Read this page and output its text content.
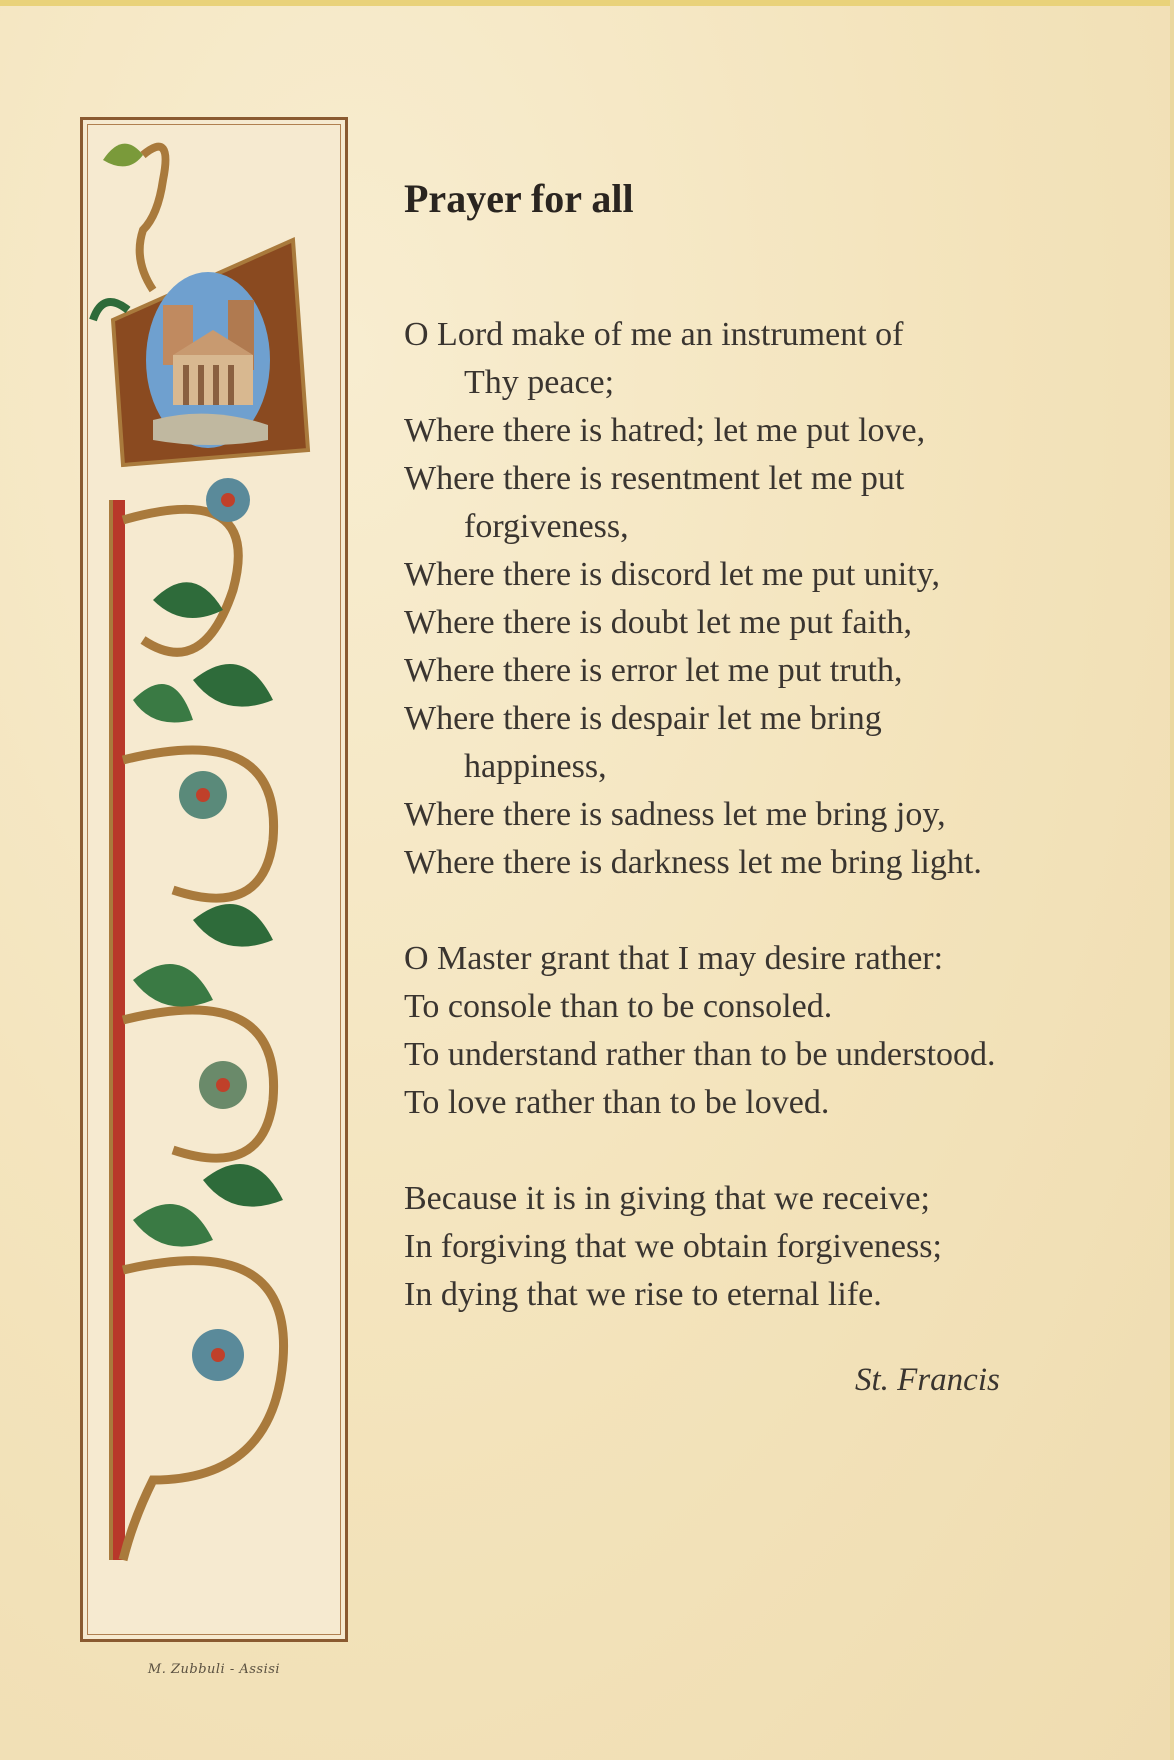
M. Zubbuli - Assisi
Prayer for all
O Lord make of me an instrument of
Thy peace;
Where there is hatred; let me put love,
Where there is resentment let me put
forgiveness,
Where there is discord let me put unity,
Where there is doubt let me put faith,
Where there is error let me put truth,
Where there is despair let me bring
happiness,
Where there is sadness let me bring joy,
Where there is darkness let me bring light.
O Master grant that I may desire rather:
To console than to be consoled.
To understand rather than to be understood.
To love rather than to be loved.
Because it is in giving that we receive;
In forgiving that we obtain forgiveness;
In dying that we rise to eternal life.
St. Francis
